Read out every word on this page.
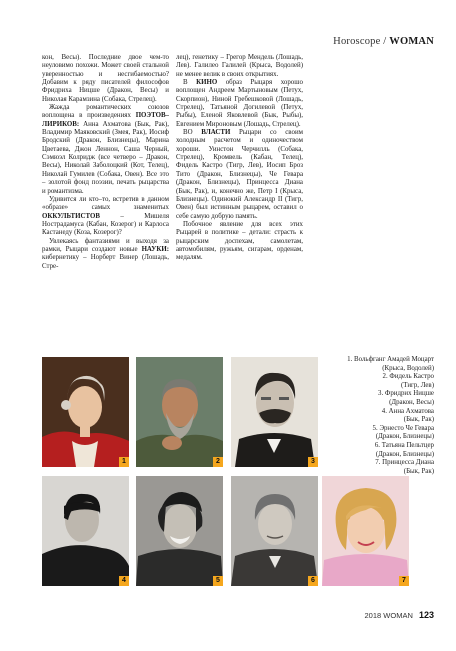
Horoscope / WOMAN

кон, Весы). Последние двое чем-то неуловимо похожи. Может своей стальной уверенностью и несгибаемостью? Добавим к ряду писателей философов Фридриха Ницше (Дракон, Весы) и Николая Карамзина (Собака, Стрелец).

Жажда романтических союзов воплощена в произведениях ПОЭТОВ–ЛИРИКОВ: Анна Ахматова (Бык, Рак), Владимир Маяковский (Змея, Рак), Иосиф Бродский (Дракон, Близнецы), Марина Цветаева, Джон Леннон, Саша Черный, Сэмюэл Колридж (все четверо – Дракон, Весы), Николай Заболоцкий (Кот, Телец), Николай Гумилев (Собака, Овен). Все это – золотой фонд поэзии, печать рыцарства и романтизма.

Удивится ли кто–то, встретив в данном «образе» самых знаменитых ОККУЛЬТИСТОВ – Мишеля Нострадамуса (Кабан, Козерог) и Карлоса Кастанеду (Коза, Козерог)?

Увлекаясь фантазиями и выходя за рамки, Рыцари создают новые НАУКИ: кибернетику – Норберт Винер (Лошадь, Стре-

лец), генетику – Грегор Мендель (Лошадь, Лев). Галилео Галилей (Крыса, Водолей) не менее велик в своих открытиях.

В КИНО образ Рыцаря хорошо воплощен Андреем Мартыновым (Петух, Скорпион), Ниной Гребешковой (Лошадь, Стрелец), Татьяной Догилевой (Петух, Рыбы), Еленой Яковлевой (Бык, Рыбы), Евгением Мироновым (Лошадь, Стрелец).

ВО ВЛАСТИ Рыцари со своим холодным расчетом и одиночеством хороши. Уинстон Черчилль (Собака, Стрелец), Кромвель (Кабан, Телец), Фидель Кастро (Тигр, Лев), Иосип Броз Тито (Дракон, Близнецы), Че Гевара (Дракон, Близнецы), Принцесса Диана (Бык, Рак), и, конечно же, Петр I (Крыса, Близнецы). Одинокий Александр II (Тигр, Овен) был истинным рыцарем, оставил о себе самую добрую память.

Побочное явление для всех этих Рыцарей в политике – детали: страсть к рыцарским доспехам, самолетам, автомобилям, ружьям, сигарам, орденам, медалям.

1	2	3
4	5	6	7
1. Вольфганг Амадей Моцарт
(Крыса, Водолей)
2. Фидель Кастро
(Тигр, Лев)
3. Фридрих Ницше
(Дракон, Весы)
4. Анна Ахматова
(Бык, Рак)
5. Эрнесто Че Гевара
(Дракон, Близнецы)
6. Татьяна Пельтцер
(Дракон, Близнецы)
7. Принцесса Диана
(Бык, Рак)
2018 WOMAN 123
